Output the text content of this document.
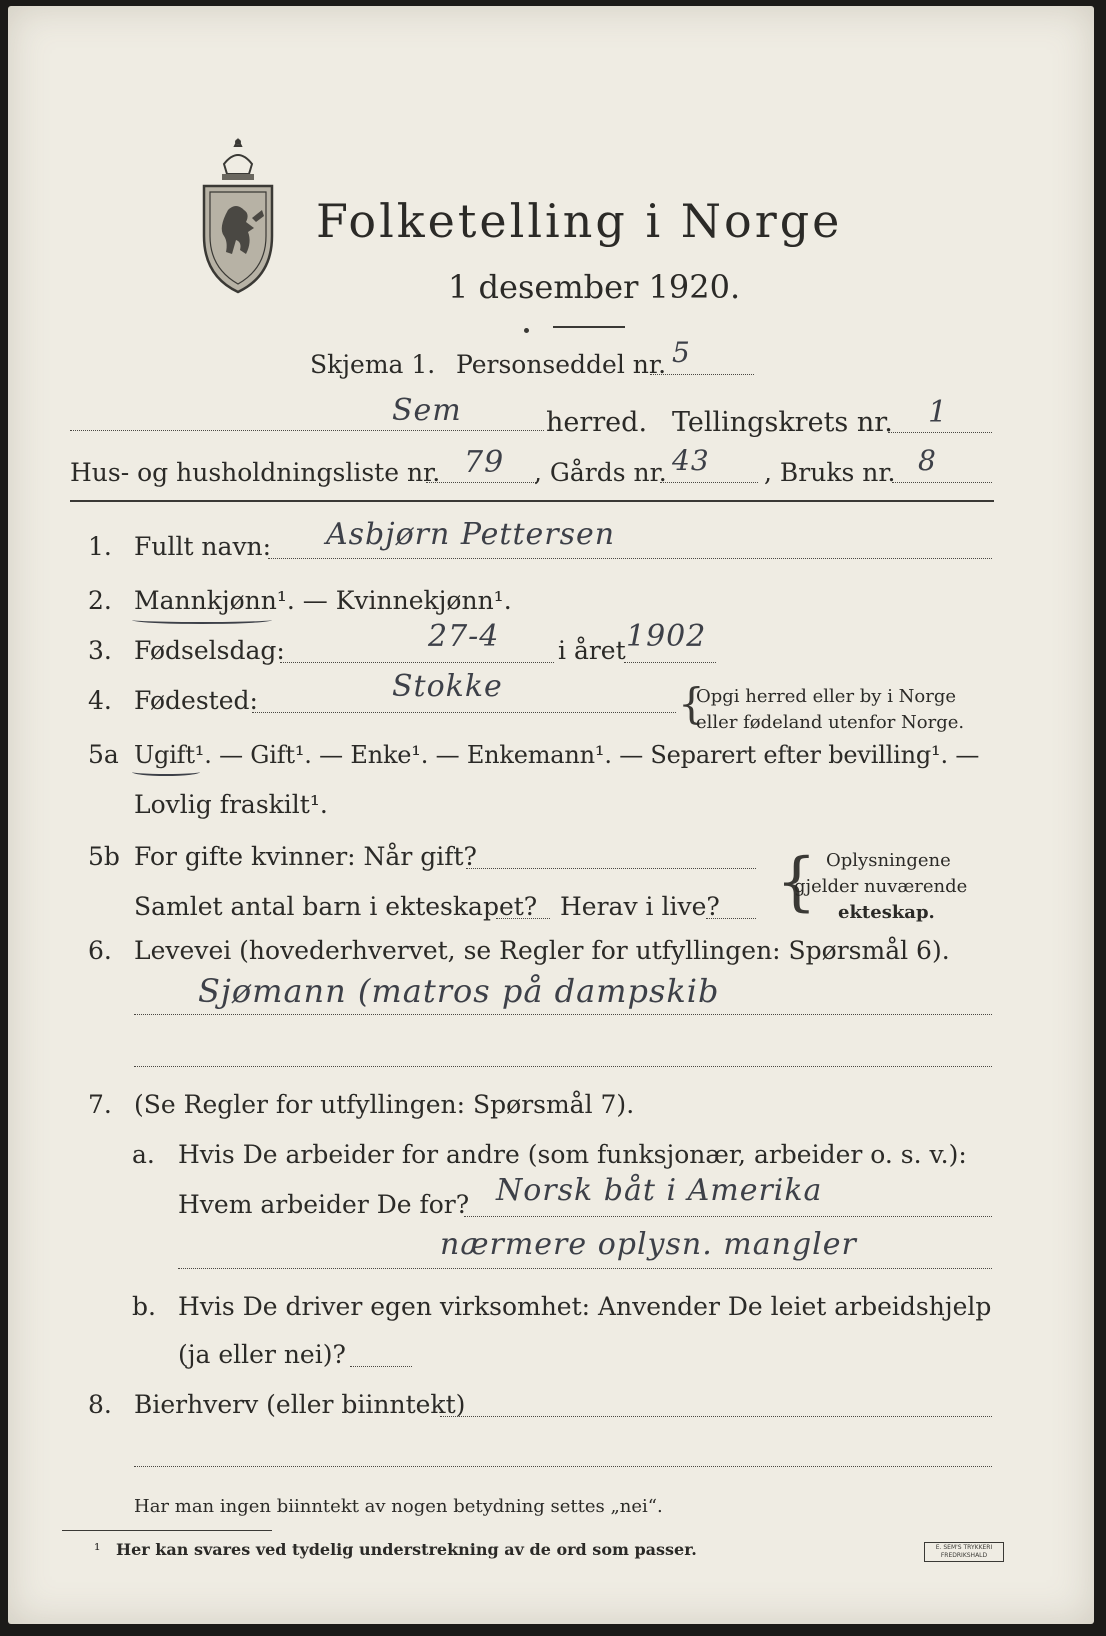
Folketelling i Norge
1 desember 1920.
Skjema 1. Personseddel nr. 5
Sem	herred. Tellingskrets nr. 1
Hus- og husholdningsliste nr. 79 , Gårds nr. 43 , Bruks nr. 8
1. Fullt navn: Asbjørn Pettersen
2. Mannkjønn¹. — Kvinnekjønn¹.
3. Fødselsdag:	27-4 i året 1902
4. Fødested:	Stokke	{
Opgi herred eller by i Norge
eller fødeland utenfor Norge.
5a Ugift¹. — Gift¹. — Enke¹. — Enkemann¹. — Separert efter bevilling¹. —
Lovlig fraskilt¹.
5b For gifte kvinner: Når gift?
Samlet antal barn i ekteskapet? Herav i live? { Oplysningene
gjelder nuværende
ekteskap.
6. Levevei (hovederhvervet, se Regler for utfyllingen: Spørsmål 6).
Sjømann (matros på dampskib
7. (Se Regler for utfyllingen: Spørsmål 7).
a. Hvis De arbeider for andre (som funksjonær, arbeider o. s. v.):
Hvem arbeider De for? Norsk båt i Amerika
nærmere oplysn. mangler
b. Hvis De driver egen virksomhet: Anvender De leiet arbeidshjelp
(ja eller nei)?
8. Bierhverv (eller biinntekt)
Har man ingen biinntekt av nogen betydning settes „nei“.
¹ Her kan svares ved tydelig understrekning av de ord som passer.	E. SEM'S TRYKKERI FREDRIKSHALD
